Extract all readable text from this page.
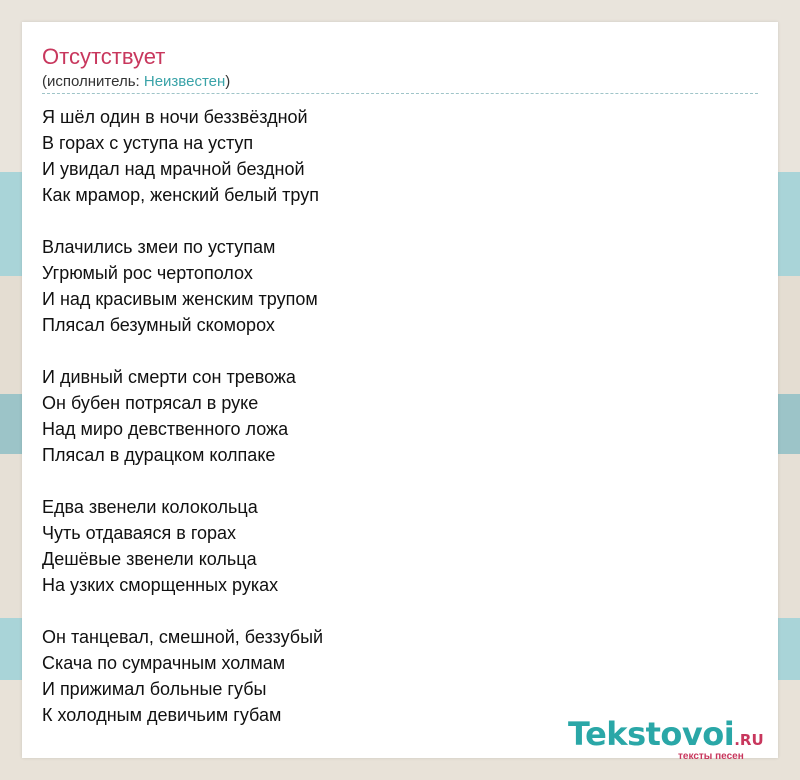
Отсутствует
(исполнитель: Неизвестен)
Я шёл один в ночи беззвёздной
В горах с уступа на уступ
И увидал над мрачной бездной
Как мрамор, женский белый труп
Влачились змеи по уступам
Угрюмый рос чертополох
И над красивым женским трупом
Плясал безумный скоморох
И дивный смерти сон тревожа
Он бубен потрясал в руке
Над миро девственного ложа
Плясал в дурацком колпаке
Едва звенели колокольца
Чуть отдаваяся в горах
Дешёвые звенели кольца
На узких сморщенных руках
Он танцевал, смешной, беззубый
Скача по сумрачным холмам
И прижимал больные губы
К холодным девичьим губам	Tekstovoi.RU
тексты песен
